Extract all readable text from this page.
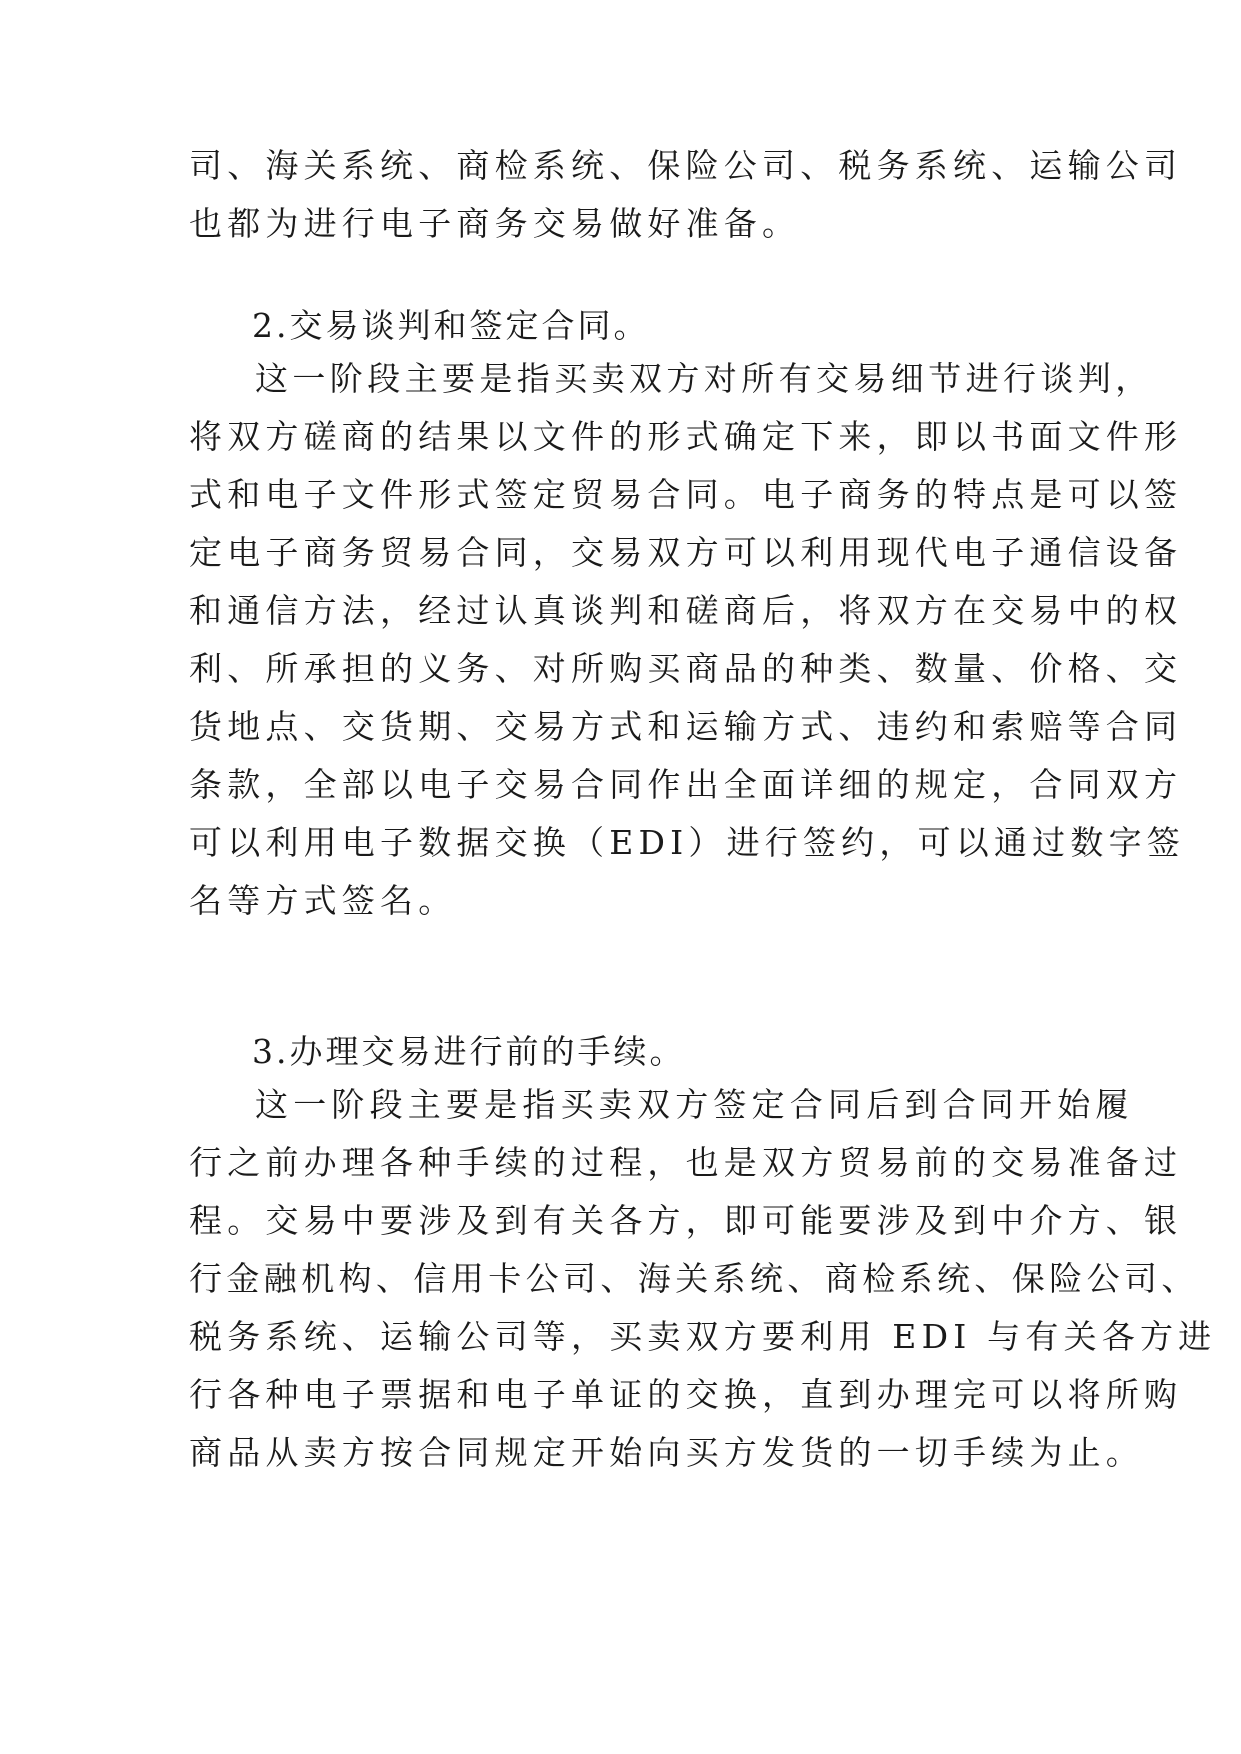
司、海关系统、商检系统、保险公司、税务系统、运输公司
也都为进行电子商务交易做好准备。
2.交易谈判和签定合同。
这一阶段主要是指买卖双方对所有交易细节进行谈判，
将双方磋商的结果以文件的形式确定下来，即以书面文件形
式和电子文件形式签定贸易合同。电子商务的特点是可以签
定电子商务贸易合同，交易双方可以利用现代电子通信设备
和通信方法，经过认真谈判和磋商后，将双方在交易中的权
利、所承担的义务、对所购买商品的种类、数量、价格、交
货地点、交货期、交易方式和运输方式、违约和索赔等合同
条款，全部以电子交易合同作出全面详细的规定，合同双方
可以利用电子数据交换（EDI）进行签约，可以通过数字签
名等方式签名。
3.办理交易进行前的手续。
这一阶段主要是指买卖双方签定合同后到合同开始履
行之前办理各种手续的过程，也是双方贸易前的交易准备过
程。交易中要涉及到有关各方，即可能要涉及到中介方、银
行金融机构、信用卡公司、海关系统、商检系统、保险公司、
税务系统、运输公司等，买卖双方要利用 EDI 与有关各方进
行各种电子票据和电子单证的交换，直到办理完可以将所购
商品从卖方按合同规定开始向买方发货的一切手续为止。
